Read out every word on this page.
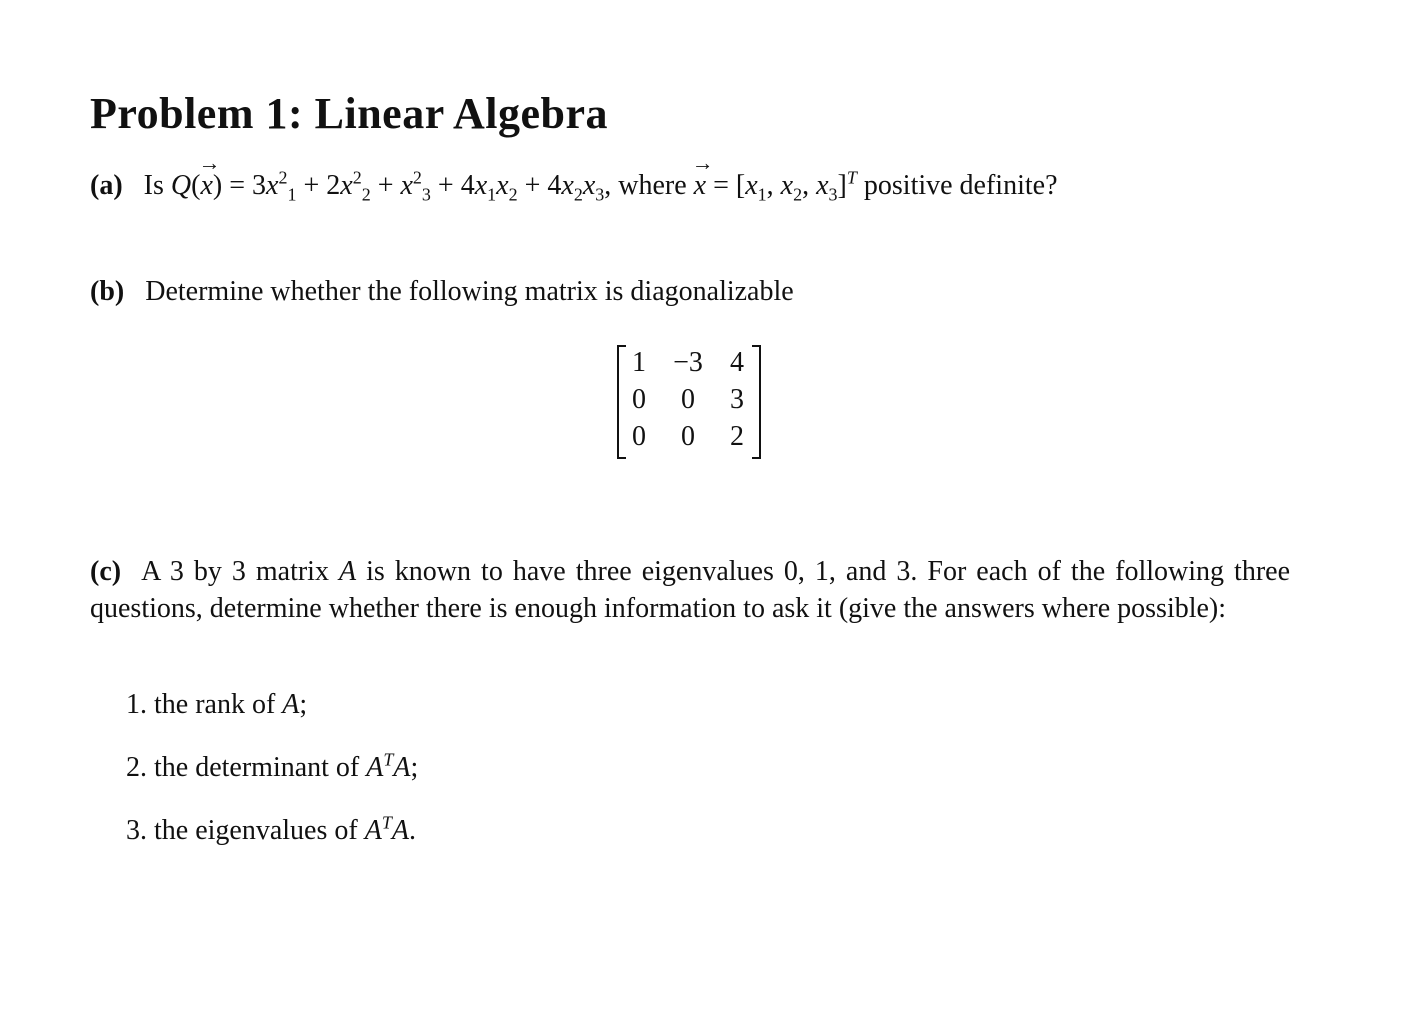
Problem 1: Linear Algebra
(a) Is Q(x →) = $3x^2_1 + 2x^2_2 + x^2_3 + 4x_1x_2 + 4x_2x_3$, where x → = [$x_1$, $x_2$, $x_3]^T$ positive definite?
(b) Determine whether the following matrix is diagonalizable
1 −3 4
0	0	3
0	0	2

(c) A 3 by 3 matrix A is known to have three eigenvalues 0, 1, and 3. For each of the following three questions, determine whether there is enough information to ask it (give the answers where possible):

1. the rank of A;
2. the determinant of $A^TA$;
3. the eigenvalues of $A^TA$.
